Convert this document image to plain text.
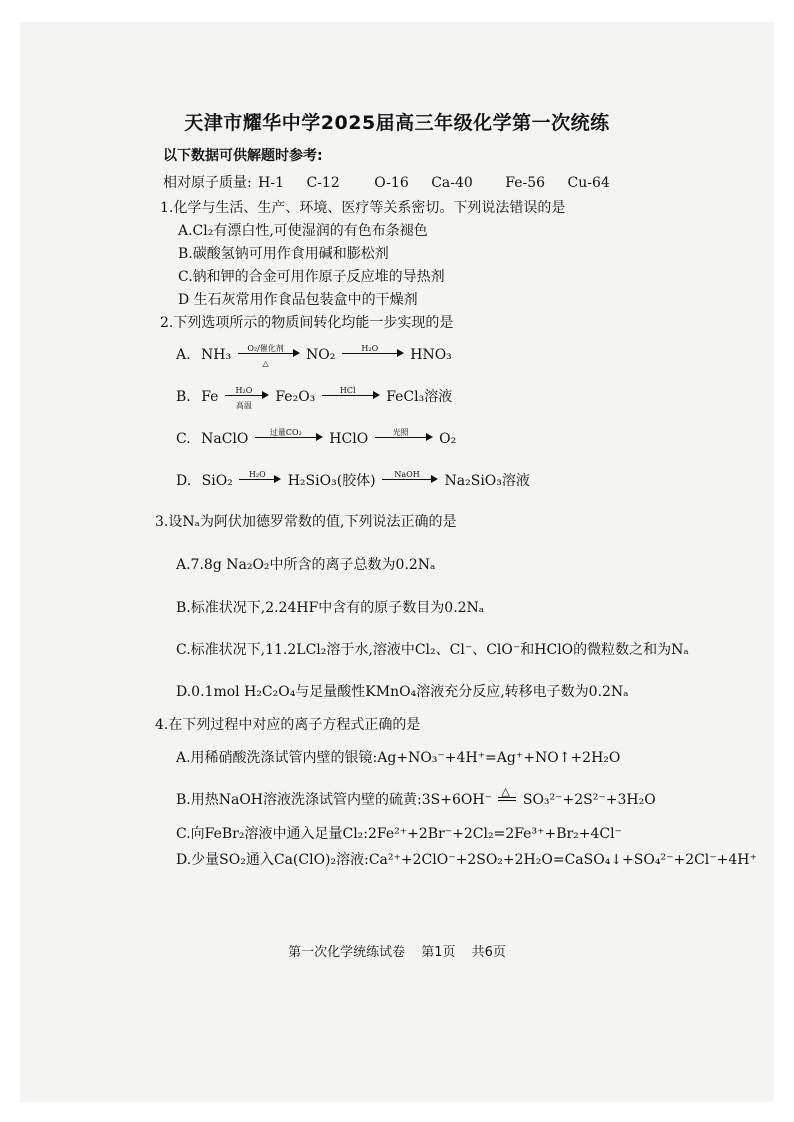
天津市耀华中学2025届高三年级化学第一次统练
以下数据可供解题时参考:
相对原子质量: H-1 C-12 O-16 Ca-40 Fe-56 Cu-64
1.化学与生活、生产、环境、医疗等关系密切。下列说法错误的是
A.Cl₂有漂白性,可使湿润的有色布条褪色
B.碳酸氢钠可用作食用碱和膨松剂
C.钠和钾的合金可用作原子反应堆的导热剂
D 生石灰常用作食品包装盒中的干燥剂
2.下列选项所示的物质间转化均能一步实现的是
A. NH₃	O₂/催化剂
△
NO₂	H₂O	HNO₃
B. Fe	H₂O
高温
Fe₂O₃	HCl	FeCl₃溶液
C. NaClO	过量CO₂	HClO	光照	O₂
D. SiO₂	H₂O	H₂SiO₃(胶体)	NaOH	Na₂SiO₃溶液
3.设Nₐ为阿伏加德罗常数的值,下列说法正确的是
A.7.8g Na₂O₂中所含的离子总数为0.2Nₐ
B.标准状况下,2.24HF中含有的原子数目为0.2Nₐ
C.标准状况下,11.2LCl₂溶于水,溶液中Cl₂、Cl⁻、ClO⁻和HClO的微粒数之和为Nₐ
D.0.1mol H₂C₂O₄与足量酸性KMnO₄溶液充分反应,转移电子数为0.2Nₐ
4.在下列过程中对应的离子方程式正确的是
A.用稀硝酸洗涤试管内壁的银镜:Ag+NO₃⁻+4H⁺=Ag⁺+NO↑+2H₂O
B.用热NaOH溶液洗涤试管内壁的硫黄:3S+6OH⁻
△
SO₃²⁻+2S²⁻+3H₂O
C.向FeBr₂溶液中通入足量Cl₂:2Fe²⁺+2Br⁻+2Cl₂=2Fe³⁺+Br₂+4Cl⁻
D.少量SO₂通入Ca(ClO)₂溶液:Ca²⁺+2ClO⁻+2SO₂+2H₂O=CaSO₄↓+SO₄²⁻+2Cl⁻+4H⁺
第一次化学统练试卷 第1页 共6页
